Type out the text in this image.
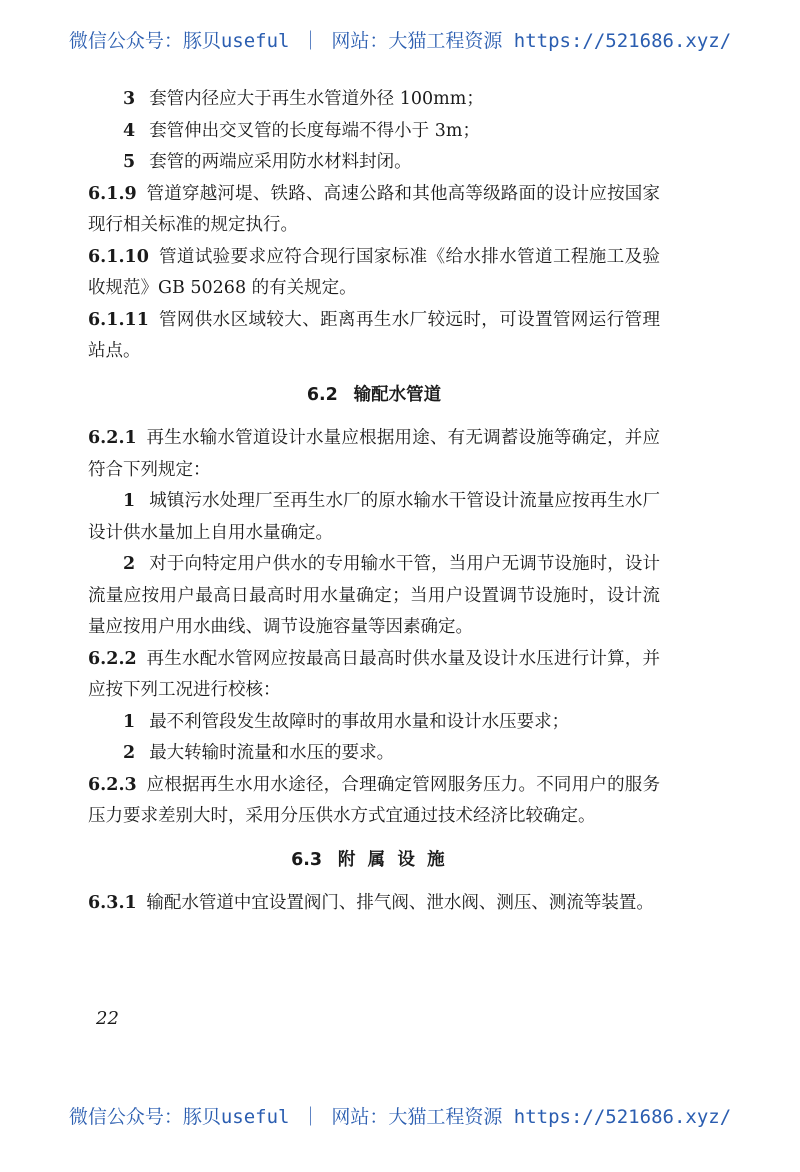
微信公众号：豚贝useful ｜ 网站：大猫工程资源 https://521686.xyz/

3 套管内径应大于再生水管道外径 100mm；

4 套管伸出交叉管的长度每端不得小于 3m；

5 套管的两端应采用防水材料封闭。

6.1.9 管道穿越河堤、铁路、高速公路和其他高等级路面的设计应按国家现行相关标准的规定执行。

6.1.10 管道试验要求应符合现行国家标准《给水排水管道工程施工及验收规范》GB 50268 的有关规定。

6.1.11 管网供水区域较大、距离再生水厂较远时，可设置管网运行管理站点。

6.2 输配水管道

6.2.1 再生水输水管道设计水量应根据用途、有无调蓄设施等确定，并应符合下列规定：

1 城镇污水处理厂至再生水厂的原水输水干管设计流量应按再生水厂设计供水量加上自用水量确定。

2 对于向特定用户供水的专用输水干管，当用户无调节设施时，设计流量应按用户最高日最高时用水量确定；当用户设置调节设施时，设计流量应按用户用水曲线、调节设施容量等因素确定。

6.2.2 再生水配水管网应按最高日最高时供水量及设计水压进行计算，并应按下列工况进行校核：

1 最不利管段发生故障时的事故用水量和设计水压要求；

2 最大转输时流量和水压的要求。

6.2.3 应根据再生水用水途径，合理确定管网服务压力。不同用户的服务压力要求差别大时，采用分压供水方式宜通过技术经济比较确定。

6.3 附属设施

6.3.1 输配水管道中宜设置阀门、排气阀、泄水阀、测压、测流等装置。

22
微信公众号：豚贝useful ｜ 网站：大猫工程资源 https://521686.xyz/
